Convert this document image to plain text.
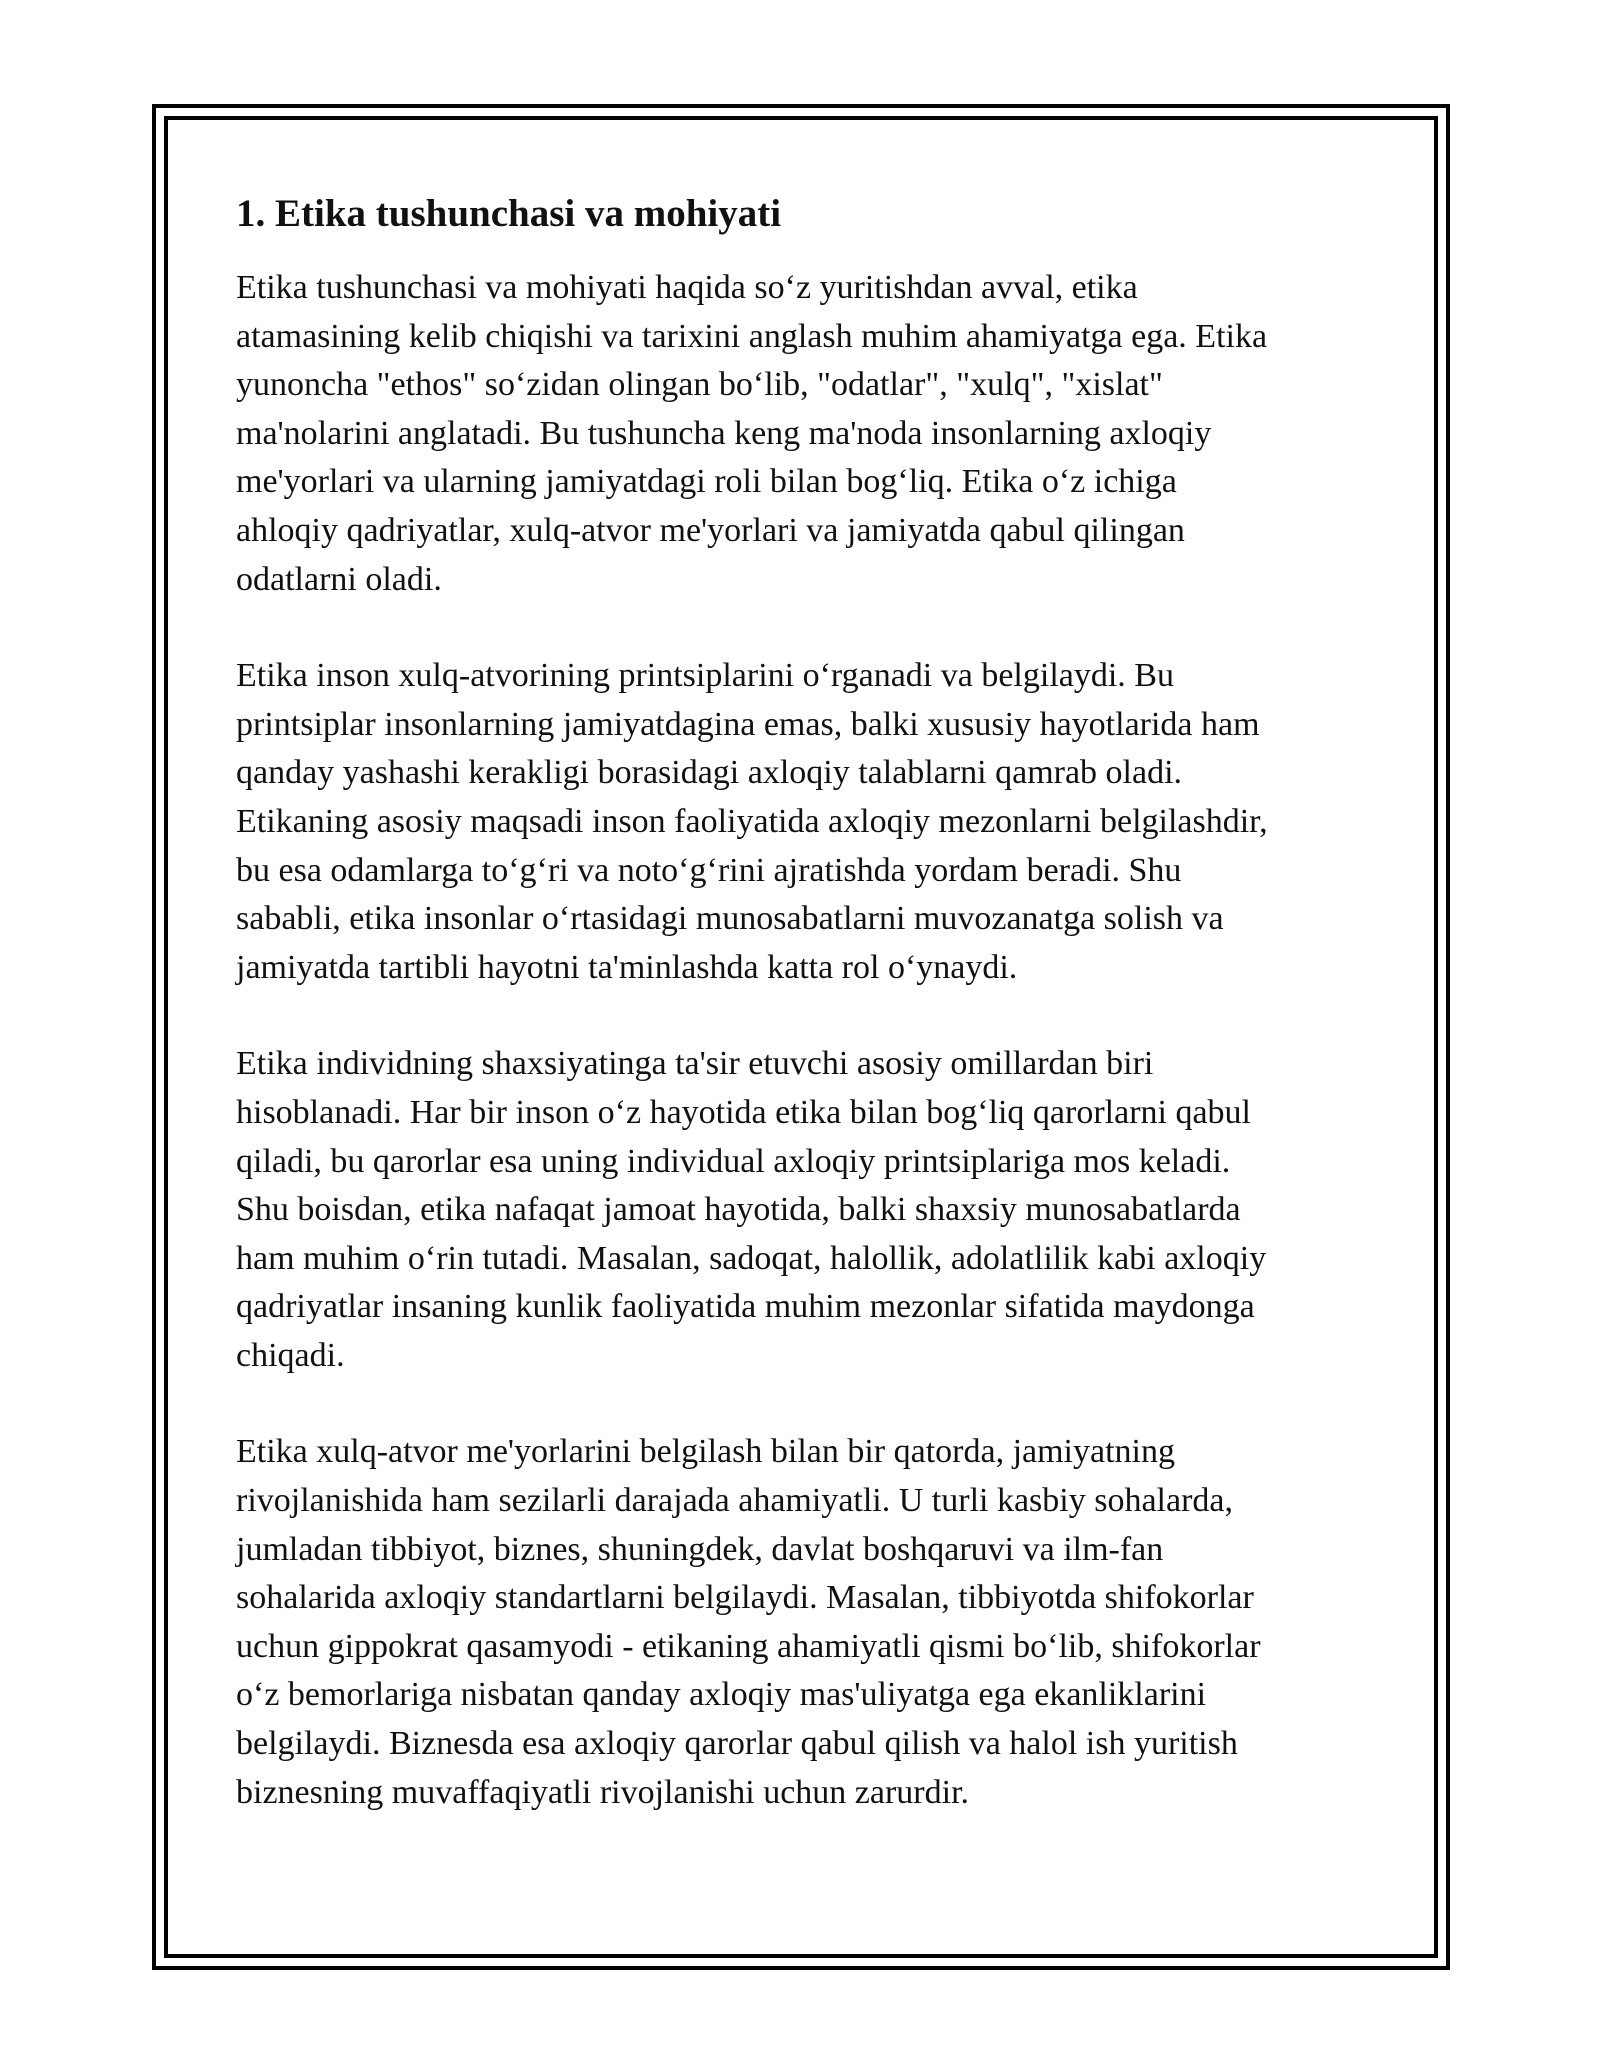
1. Etika tushunchasi va mohiyati

Etika tushunchasi va mohiyati haqida so‘z yuritishdan avval, etika
atamasining kelib chiqishi va tarixini anglash muhim ahamiyatga ega. Etika
yunoncha "ethos" so‘zidan olingan bo‘lib, "odatlar", "xulq", "xislat"
ma'nolarini anglatadi. Bu tushuncha keng ma'noda insonlarning axloqiy
me'yorlari va ularning jamiyatdagi roli bilan bog‘liq. Etika o‘z ichiga
ahloqiy qadriyatlar, xulq-atvor me'yorlari va jamiyatda qabul qilingan
odatlarni oladi.

Etika inson xulq-atvorining printsiplarini o‘rganadi va belgilaydi. Bu
printsiplar insonlarning jamiyatdagina emas, balki xususiy hayotlarida ham
qanday yashashi kerakligi borasidagi axloqiy talablarni qamrab oladi.
Etikaning asosiy maqsadi inson faoliyatida axloqiy mezonlarni belgilashdir,
bu esa odamlarga to‘g‘ri va noto‘g‘rini ajratishda yordam beradi. Shu
sababli, etika insonlar o‘rtasidagi munosabatlarni muvozanatga solish va
jamiyatda tartibli hayotni ta'minlashda katta rol o‘ynaydi.

Etika individning shaxsiyatinga ta'sir etuvchi asosiy omillardan biri
hisoblanadi. Har bir inson o‘z hayotida etika bilan bog‘liq qarorlarni qabul
qiladi, bu qarorlar esa uning individual axloqiy printsiplariga mos keladi.
Shu boisdan, etika nafaqat jamoat hayotida, balki shaxsiy munosabatlarda
ham muhim o‘rin tutadi. Masalan, sadoqat, halollik, adolatlilik kabi axloqiy
qadriyatlar insaning kunlik faoliyatida muhim mezonlar sifatida maydonga
chiqadi.

Etika xulq-atvor me'yorlarini belgilash bilan bir qatorda, jamiyatning
rivojlanishida ham sezilarli darajada ahamiyatli. U turli kasbiy sohalarda,
jumladan tibbiyot, biznes, shuningdek, davlat boshqaruvi va ilm-fan
sohalarida axloqiy standartlarni belgilaydi. Masalan, tibbiyotda shifokorlar
uchun gippokrat qasamyodi - etikaning ahamiyatli qismi bo‘lib, shifokorlar
o‘z bemorlariga nisbatan qanday axloqiy mas'uliyatga ega ekanliklarini
belgilaydi. Biznesda esa axloqiy qarorlar qabul qilish va halol ish yuritish
biznesning muvaffaqiyatli rivojlanishi uchun zarurdir.
